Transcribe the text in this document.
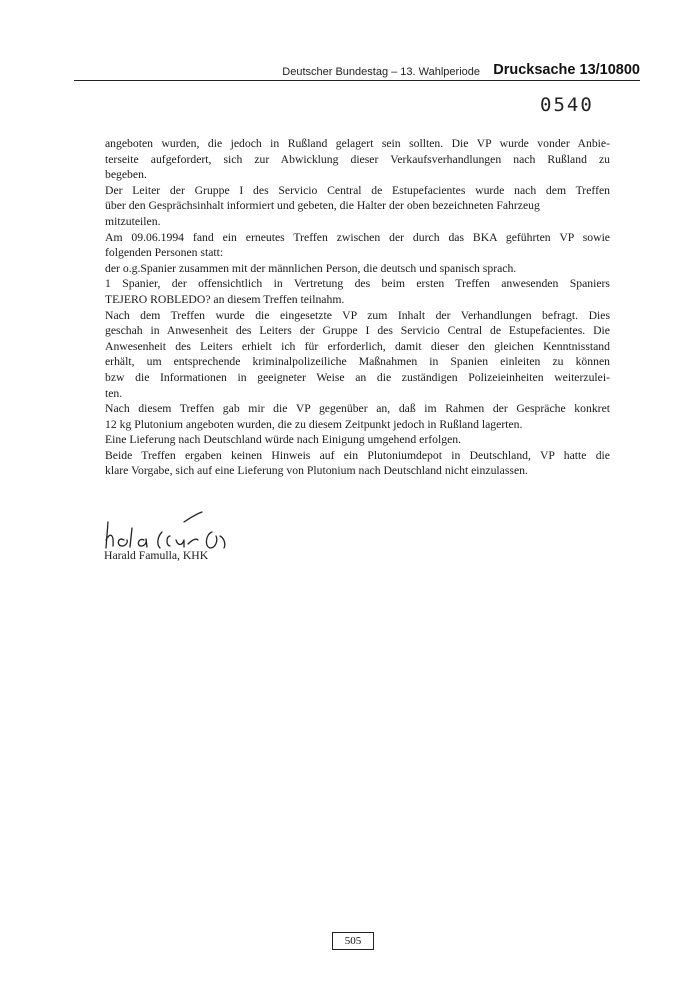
Deutscher Bundestag – 13. Wahlperiode Drucksache 13/10800
0540
angeboten wurden, die jedoch in Rußland gelagert sein sollten. Die VP wurde vonder Anbie-
terseite aufgefordert, sich zur Abwicklung dieser Verkaufsverhandlungen nach Rußland zu
begeben.
Der Leiter der Gruppe I des Servicio Central de Estupefacientes wurde nach dem Treffen
über den Gesprächsinhalt informiert und gebeten, die Halter der oben bezeichneten Fahrzeug
mitzuteilen.
Am 09.06.1994 fand ein erneutes Treffen zwischen der durch das BKA geführten VP sowie
folgenden Personen statt:
der o.g.Spanier zusammen mit der männlichen Person, die deutsch und spanisch sprach.
1 Spanier, der offensichtlich in Vertretung des beim ersten Treffen anwesenden Spaniers
TEJERO ROBLEDO? an diesem Treffen teilnahm.
Nach dem Treffen wurde die eingesetzte VP zum Inhalt der Verhandlungen befragt. Dies
geschah in Anwesenheit des Leiters der Gruppe I des Servicio Central de Estupefacientes. Die
Anwesenheit des Leiters erhielt ich für erforderlich, damit dieser den gleichen Kenntnisstand
erhält, um entsprechende kriminalpolizeiliche Maßnahmen in Spanien einleiten zu können
bzw die Informationen in geeigneter Weise an die zuständigen Polizeieinheiten weiterzulei-
ten.
Nach diesem Treffen gab mir die VP gegenüber an, daß im Rahmen der Gespräche konkret
12 kg Plutonium angeboten wurden, die zu diesem Zeitpunkt jedoch in Rußland lagerten.
Eine Lieferung nach Deutschland würde nach Einigung umgehend erfolgen.
Beide Treffen ergaben keinen Hinweis auf ein Plutoniumdepot in Deutschland, VP hatte die
klare Vorgabe, sich auf eine Lieferung von Plutonium nach Deutschland nicht einzulassen.
Harald Famulla, KHK
505
